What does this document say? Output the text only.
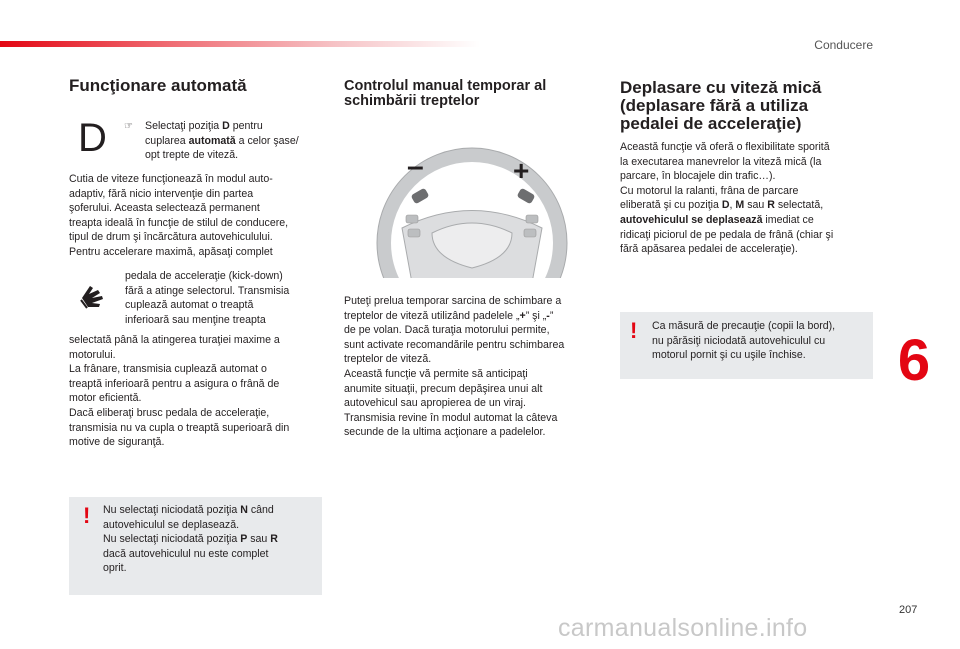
Conducere
Funcţionare automată
D ☞ Selectaţi poziţia D pentru
cuplarea automată a celor şase/
opt trepte de viteză.
Cutia de viteze funcţionează în modul auto-
adaptiv, fără nicio intervenţie din partea
şoferului. Aceasta selectează permanent
treapta ideală în funcţie de stilul de conducere,
tipul de drum şi încărcătura autovehiculului.
Pentru accelerare maximă, apăsaţi complet
pedala de acceleraţie (kick-down)
fără a atinge selectorul. Transmisia
cuplează automat o treaptă
inferioară sau menţine treapta
selectată până la atingerea turaţiei maxime a
motorului.
La frânare, transmisia cuplează automat o
treaptă inferioară pentru a asigura o frână de
motor eficientă.
Dacă eliberaţi brusc pedala de acceleraţie,
transmisia nu va cupla o treaptă superioară din
motive de siguranţă.
! Nu selectaţi niciodată poziţia N când
autovehiculul se deplasează.
Nu selectaţi niciodată poziţia P sau R
dacă autovehiculul nu este complet
oprit.
Controlul manual temporar al
schimbării treptelor
–	+
Puteţi prelua temporar sarcina de schimbare a
treptelor de viteză utilizând padelele „+” şi „-”
de pe volan. Dacă turaţia motorului permite,
sunt activate recomandările pentru schimbarea
treptelor de viteză.
Această funcţie vă permite să anticipaţi
anumite situaţii, precum depăşirea unui alt
autovehicul sau apropierea de un viraj.
Transmisia revine în modul automat la câteva
secunde de la ultima acţionare a padelelor.
Deplasare cu viteză mică
(deplasare fără a utiliza
pedalei de acceleraţie)
Această funcţie vă oferă o flexibilitate sporită
la executarea manevrelor la viteză mică (la
parcare, în blocajele din trafic…).
Cu motorul la ralanti, frâna de parcare
eliberată şi cu poziţia D, M sau R selectată,
autovehiculul se deplasează imediat ce
ridicaţi piciorul de pe pedala de frână (chiar şi
fără apăsarea pedalei de acceleraţie).
! Ca măsură de precauţie (copii la bord),
nu părăsiţi niciodată autovehiculul cu
motorul pornit şi cu uşile închise.	6
207
carmanualsonline.info
